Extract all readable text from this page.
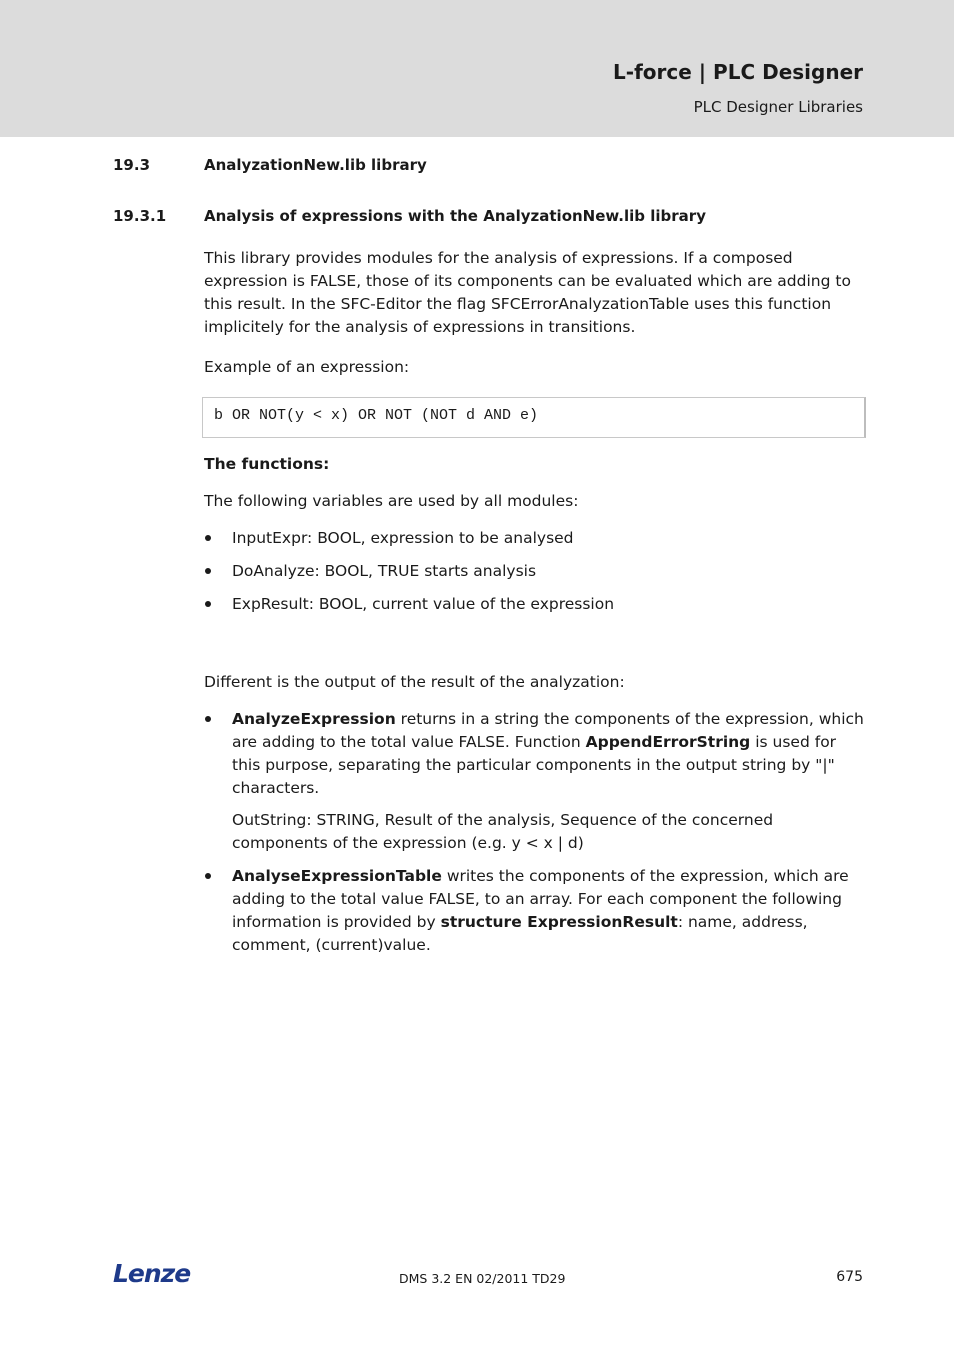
L-force | PLC Designer
PLC Designer Libraries
19.3	AnalyzationNew.lib library
19.3.1	Analysis of expressions with the AnalyzationNew.lib library
This library provides modules for the analysis of expressions. If a composed expression is FALSE, those of its components can be evaluated which are adding to this result. In the SFC-Editor the flag SFCErrorAnalyzationTable uses this function implicitely for the analysis of expressions in transitions.
Example of an expression:
b OR NOT(y < x) OR NOT (NOT d AND e)
The functions:
The following variables are used by all modules:
InputExpr: BOOL, expression to be analysed
DoAnalyze: BOOL, TRUE starts analysis
ExpResult: BOOL, current value of the expression
Different is the output of the result of the analyzation:
AnalyzeExpression returns in a string the components of the expression, which are adding to the total value FALSE. Function AppendErrorString is used for this purpose, separating the particular components in the output string by "|" characters.
OutString: STRING, Result of the analysis, Sequence of the concerned components of the expression (e.g. y < x | d)
AnalyseExpressionTable writes the components of the expression, which are adding to the total value FALSE, to an array. For each component the following information is provided by structure ExpressionResult: name, address, comment, (current)value.
Lenze	DMS 3.2 EN 02/2011 TD29	675
